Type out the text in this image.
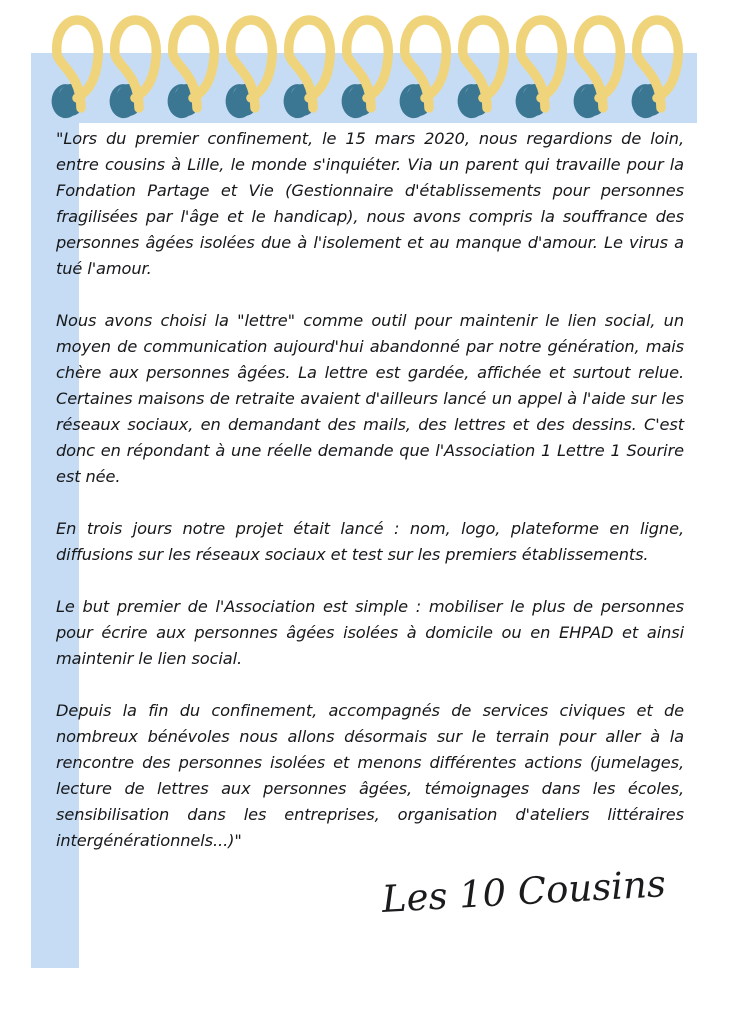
"Lors du premier confinement, le 15 mars 2020, nous regardions de loin, entre cousins à Lille, le monde s'inquiéter. Via un parent qui travaille pour la Fondation Partage et Vie (Gestionnaire d'établissements pour personnes fragilisées par l'âge et le handicap), nous avons compris la souffrance des personnes âgées isolées due à l'isolement et au manque d'amour. Le virus a tué l'amour.

Nous avons choisi la "lettre" comme outil pour maintenir le lien social, un moyen de communication aujourd'hui abandonné par notre génération, mais chère aux personnes âgées. La lettre est gardée, affichée et surtout relue. Certaines maisons de retraite avaient d'ailleurs lancé un appel à l'aide sur les réseaux sociaux, en demandant des mails, des lettres et des dessins. C'est donc en répondant à une réelle demande que l'Association 1 Lettre 1 Sourire est née.

En trois jours notre projet était lancé : nom, logo, plateforme en ligne, diffusions sur les réseaux sociaux et test sur les premiers établissements.

Le but premier de l'Association est simple : mobiliser le plus de personnes pour écrire aux personnes âgées isolées à domicile ou en EHPAD et ainsi maintenir le lien social.

Depuis la fin du confinement, accompagnés de services civiques et de nombreux bénévoles nous allons désormais sur le terrain pour aller à la rencontre des personnes isolées et menons différentes actions (jumelages, lecture de lettres aux personnes âgées, témoignages dans les écoles, sensibilisation dans les entreprises, organisation d'ateliers littéraires intergénérationnels...)"

Les 10 Cousins
